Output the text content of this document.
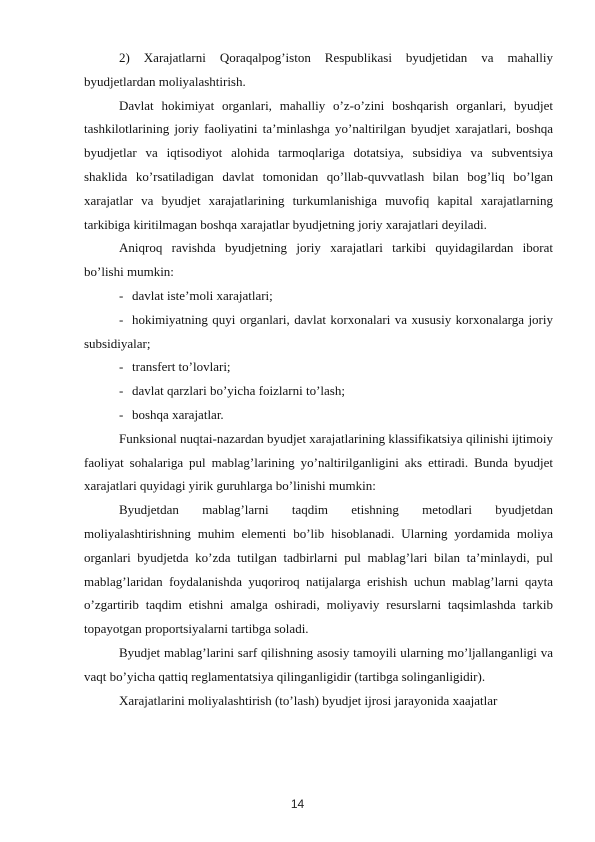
2) Xarajatlarni Qoraqalpog’iston Respublikasi byudjetidan va mahalliy byudjetlardan moliyalashtirish.

Davlat hokimiyat organlari, mahalliy o’z-o’zini boshqarish organlari, byudjet tashkilotlarining joriy faoliyatini ta’minlashga yo’naltirilgan byudjet xarajatlari, boshqa byudjetlar va iqtisodiyot alohida tarmoqlariga dotatsiya, subsidiya va subventsiya shaklida ko’rsatiladigan davlat tomonidan qo’llab-quvvatlash bilan bog’liq bo’lgan xarajatlar va byudjet xarajatlarining turkumlanishiga muvofiq kapital xarajatlarning tarkibiga kiritilmagan boshqa xarajatlar byudjetning joriy xarajatlari deyiladi.

Aniqroq ravishda byudjetning joriy xarajatlari tarkibi quyidagilardan iborat bo’lishi mumkin:

- davlat iste’moli xarajatlari;

- hokimiyatning quyi organlari, davlat korxonalari va xususiy korxonalarga joriy subsidiyalar;

- transfert to’lovlari;

- davlat qarzlari bo’yicha foizlarni to’lash;

- boshqa xarajatlar.

Funksional nuqtai-nazardan byudjet xarajatlarining klassifikatsiya qilinishi ijtimoiy faoliyat sohalariga pul mablag’larining yo’naltirilganligini aks ettiradi. Bunda byudjet xarajatlari quyidagi yirik guruhlarga bo’linishi mumkin:

Byudjetdan mablag’larni taqdim etishning metodlari byudjetdan moliyalashtirishning muhim elementi bo’lib hisoblanadi. Ularning yordamida moliya organlari byudjetda ko’zda tutilgan tadbirlarni pul mablag’lari bilan ta’minlaydi, pul mablag’laridan foydalanishda yuqoriroq natijalarga erishish uchun mablag’larni qayta o’zgartirib taqdim etishni amalga oshiradi, moliyaviy resurslarni taqsimlashda tarkib topayotgan proportsiyalarni tartibga soladi.

Byudjet mablag’larini sarf qilishning asosiy tamoyili ularning mo’ljallanganligi va vaqt bo’yicha qattiq reglamentatsiya qilinganligidir (tartibga solinganligidir).

Xarajatlarini moliyalashtirish (to’lash) byudjet ijrosi jarayonida xaajatlar

14
